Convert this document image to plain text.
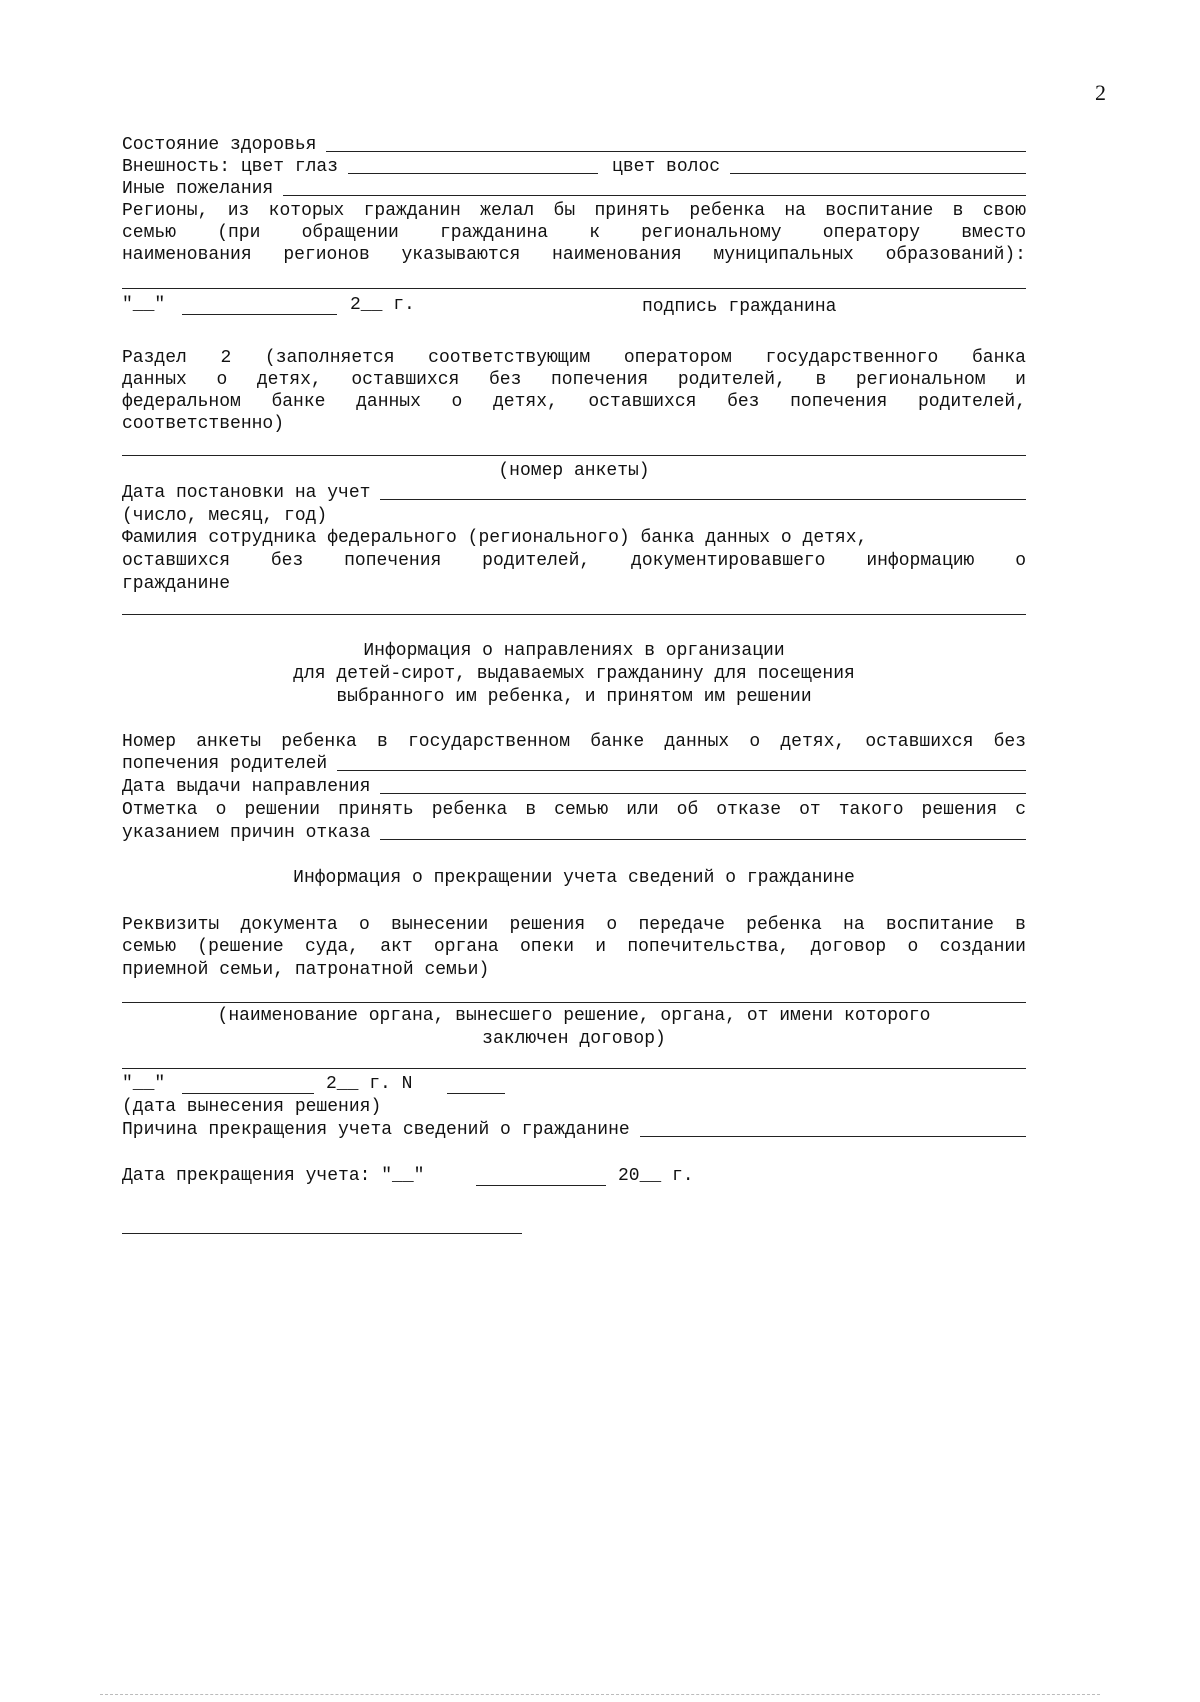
2
Состояние здоровья
Внешность: цвет глаз	цвет волос
Иные пожелания
Регионы, из которых гражданин желал бы принять ребенка на воспитание в свою
семью (при обращении гражданина к региональному оператору вместо
наименования регионов указываются наименования муниципальных образований):
"__"	2__ г.	подпись гражданина
Раздел 2 (заполняется соответствующим оператором государственного банка
данных о детях, оставшихся без попечения родителей, в региональном и
федеральном банке данных о детях, оставшихся без попечения родителей,
соответственно)
(номер анкеты)
Дата постановки на учет
(число, месяц, год)
Фамилия сотрудника федерального (регионального) банка данных о детях,
оставшихся без попечения родителей, документировавшего информацию о
гражданине
Информация о направлениях в организации
для детей-сирот, выдаваемых гражданину для посещения
выбранного им ребенка, и принятом им решении
Номер анкеты ребенка в государственном банке данных о детях, оставшихся без
попечения родителей
Дата выдачи направления
Отметка о решении принять ребенка в семью или об отказе от такого решения с
указанием причин отказа
Информация о прекращении учета сведений о гражданине
Реквизиты документа о вынесении решения о передаче ребенка на воспитание в
семью (решение суда, акт органа опеки и попечительства, договор о создании
приемной семьи, патронатной семьи)
(наименование органа, вынесшего решение, органа, от имени которого
заключен договор)
"__"	2__ г. N
(дата вынесения решения)
Причина прекращения учета сведений о гражданине
Дата прекращения учета: "__"	20__ г.
